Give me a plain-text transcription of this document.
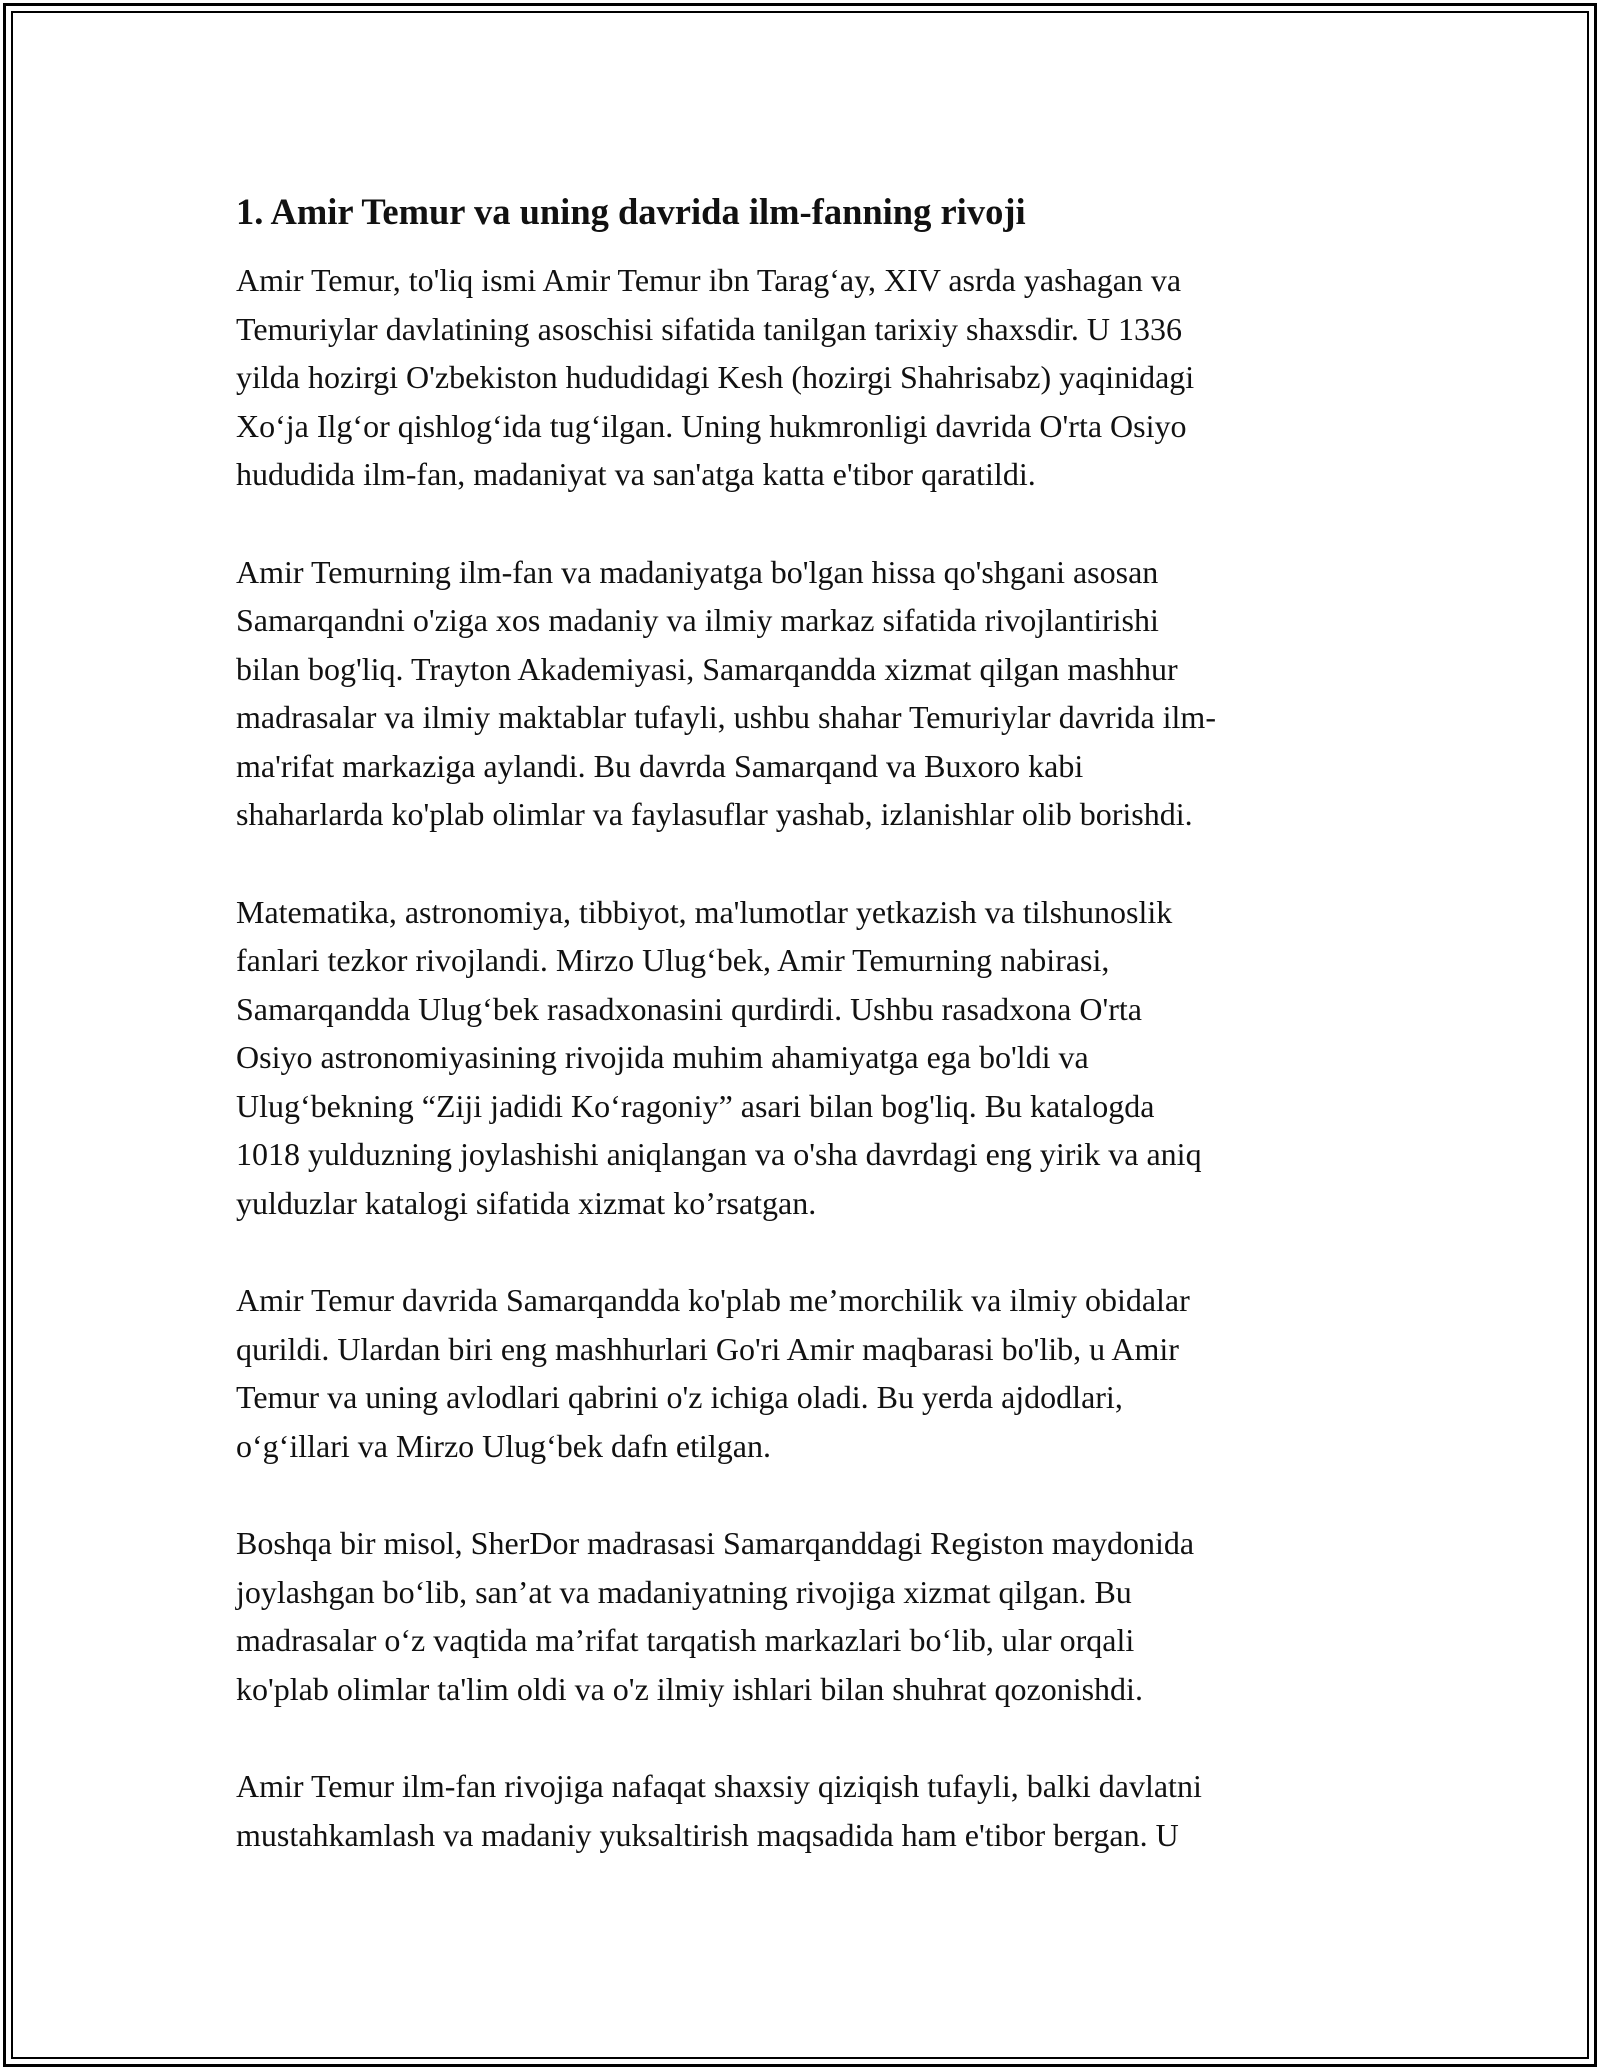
1. Amir Temur va uning davrida ilm-fanning rivoji

Amir Temur, to'liq ismi Amir Temur ibn Tarag‘ay, XIV asrda yashagan va
Temuriylar davlatining asoschisi sifatida tanilgan tarixiy shaxsdir. U 1336
yilda hozirgi O'zbekiston hududidagi Kesh (hozirgi Shahrisabz) yaqinidagi
Xo‘ja Ilg‘or qishlog‘ida tug‘ilgan. Uning hukmronligi davrida O'rta Osiyo
hududida ilm-fan, madaniyat va san'atga katta e'tibor qaratildi.

Amir Temurning ilm-fan va madaniyatga bo'lgan hissa qo'shgani asosan
Samarqandni o'ziga xos madaniy va ilmiy markaz sifatida rivojlantirishi
bilan bog'liq. Trayton Akademiyasi, Samarqandda xizmat qilgan mashhur
madrasalar va ilmiy maktablar tufayli, ushbu shahar Temuriylar davrida ilm-
ma'rifat markaziga aylandi. Bu davrda Samarqand va Buxoro kabi
shaharlarda ko'plab olimlar va faylasuflar yashab, izlanishlar olib borishdi.

Matematika, astronomiya, tibbiyot, ma'lumotlar yetkazish va tilshunoslik
fanlari tezkor rivojlandi. Mirzo Ulug‘bek, Amir Temurning nabirasi,
Samarqandda Ulug‘bek rasadxonasini qurdirdi. Ushbu rasadxona O'rta
Osiyo astronomiyasining rivojida muhim ahamiyatga ega bo'ldi va
Ulug‘bekning “Ziji jadidi Ko‘ragoniy” asari bilan bog'liq. Bu katalogda
1018 yulduzning joylashishi aniqlangan va o'sha davrdagi eng yirik va aniq
yulduzlar katalogi sifatida xizmat ko’rsatgan.

Amir Temur davrida Samarqandda ko'plab me’morchilik va ilmiy obidalar
qurildi. Ulardan biri eng mashhurlari Go'ri Amir maqbarasi bo'lib, u Amir
Temur va uning avlodlari qabrini o'z ichiga oladi. Bu yerda ajdodlari,
o‘g‘illari va Mirzo Ulug‘bek dafn etilgan.

Boshqa bir misol, SherDor madrasasi Samarqanddagi Registon maydonida
joylashgan bo‘lib, san’at va madaniyatning rivojiga xizmat qilgan. Bu
madrasalar o‘z vaqtida ma’rifat tarqatish markazlari bo‘lib, ular orqali
ko'plab olimlar ta'lim oldi va o'z ilmiy ishlari bilan shuhrat qozonishdi.

Amir Temur ilm-fan rivojiga nafaqat shaxsiy qiziqish tufayli, balki davlatni
mustahkamlash va madaniy yuksaltirish maqsadida ham e'tibor bergan. U
